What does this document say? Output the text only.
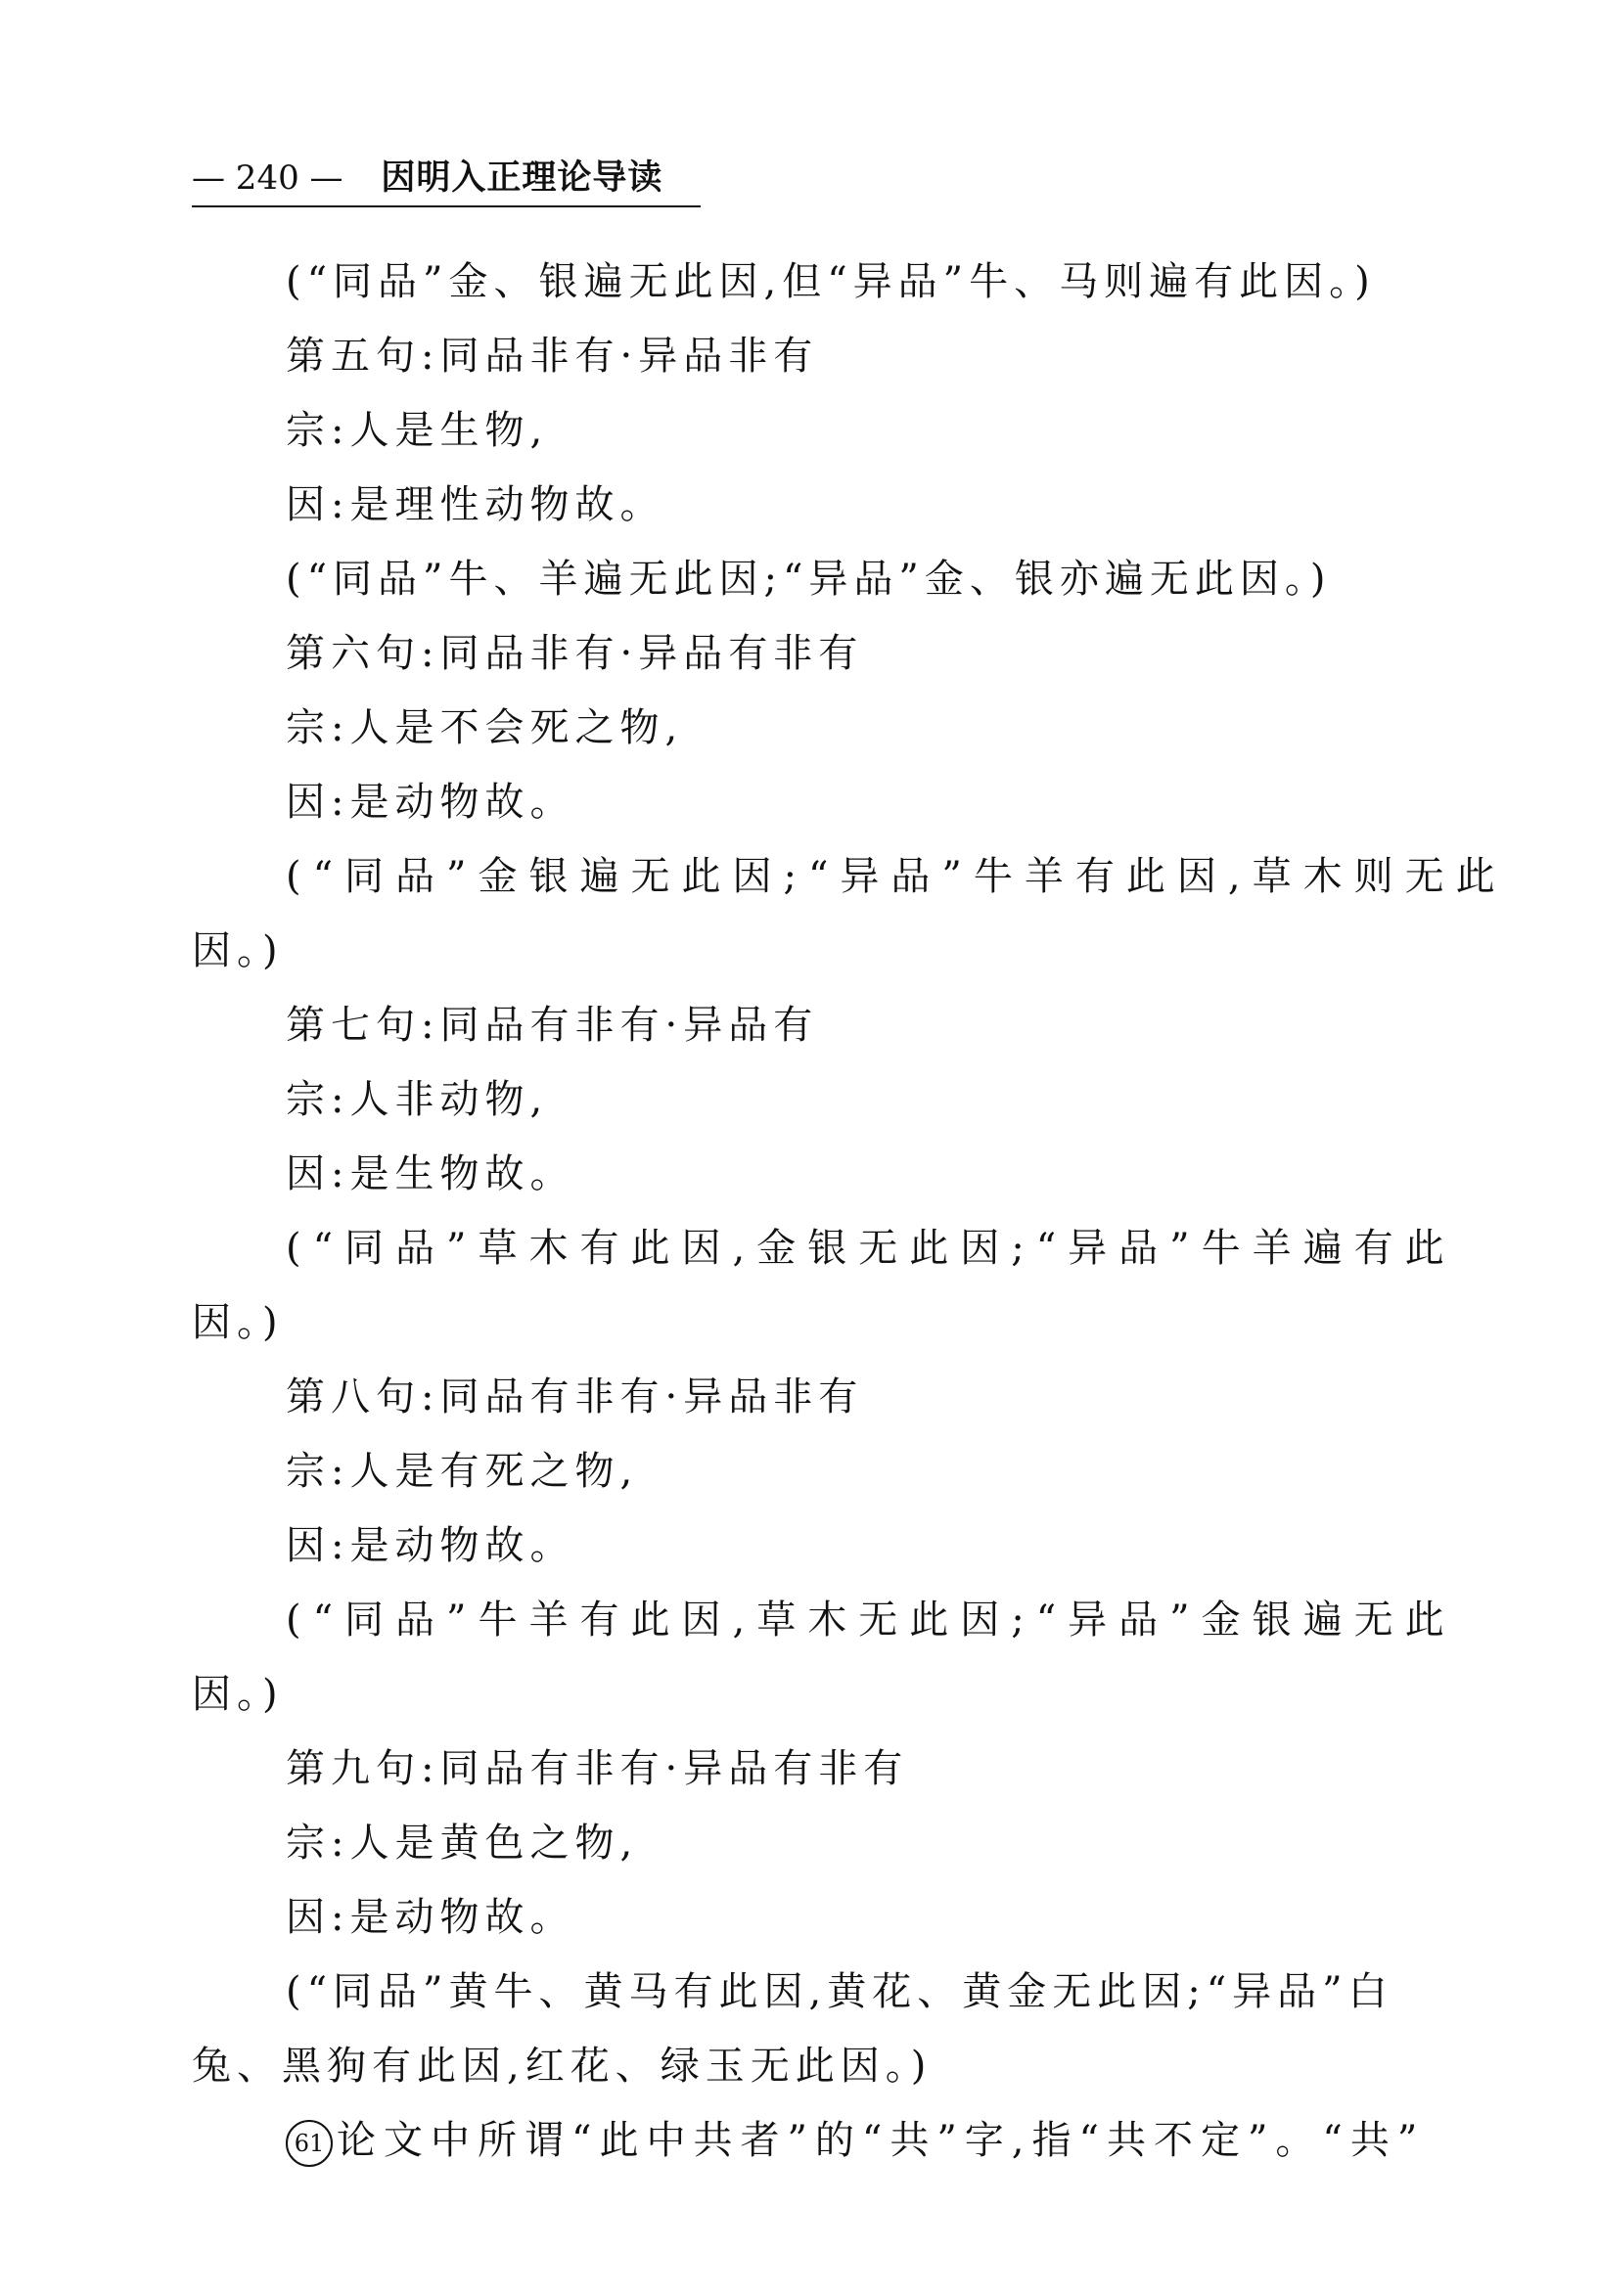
— 240 — 因明入正理论导读

(“同品”金、银遍无此因,但“异品”牛、马则遍有此因。)

第五句:同品非有·异品非有

宗:人是生物,

因:是理性动物故。

(“同品”牛、羊遍无此因;“异品”金、银亦遍无此因。)

第六句:同品非有·异品有非有

宗:人是不会死之物,

因:是动物故。

(“同品”金银遍无此因;“异品”牛羊有此因,草木则无此

因。)

第七句:同品有非有·异品有

宗:人非动物,

因:是生物故。

(“同品”草木有此因,金银无此因;“异品”牛羊遍有此

因。)

第八句:同品有非有·异品非有

宗:人是有死之物,

因:是动物故。

(“同品”牛羊有此因,草木无此因;“异品”金银遍无此

因。)

第九句:同品有非有·异品有非有

宗:人是黄色之物,

因:是动物故。

(“同品”黄牛、黄马有此因,黄花、黄金无此因;“异品”白

兔、黑狗有此因,红花、绿玉无此因。)

61 论文中所谓“此中共者”的“共”字,指“共不定”。“共”
